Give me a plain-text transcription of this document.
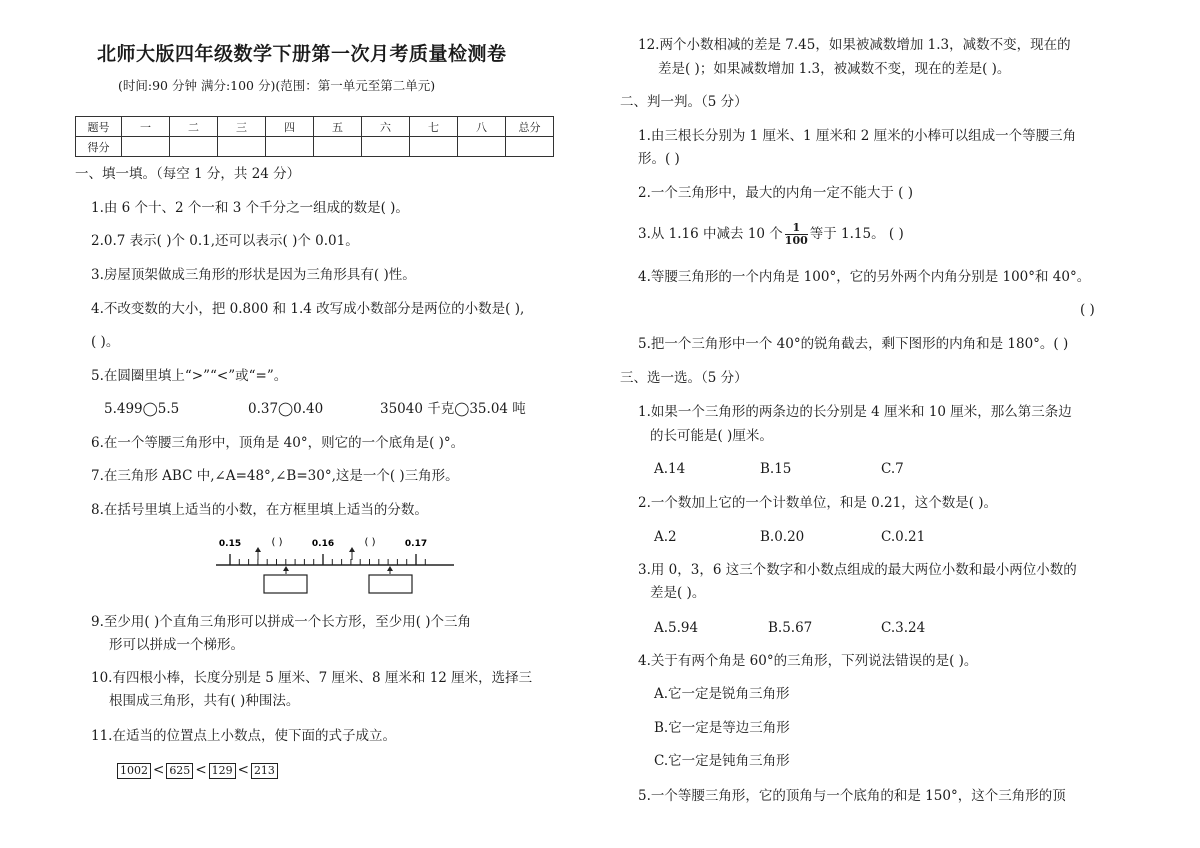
北师大版四年级数学下册第一次月考质量检测卷
(时间:90 分钟 满分:100 分)(范围：第一单元至第二单元)
题号	一	二	三	四	五	六	七	八	总分
得分									
一、填一填。（每空 1 分，共 24 分）
1.由 6 个十、2 个一和 3 个千分之一组成的数是( )。
2.0.7 表示( )个 0.1,还可以表示( )个 0.01。
3.房屋顶架做成三角形的形状是因为三角形具有( )性。
4.不改变数的大小，把 0.800 和 1.4 改写成小数部分是两位的小数是( ),
( )。
5.在圆圈里填上“>”“<”或“=”。
5.499◯5.5	0.37◯0.40	35040 千克◯35.04 吨
6.在一个等腰三角形中，顶角是 40°，则它的一个底角是( )°。
7.在三角形 ABC 中,∠A=48°,∠B=30°,这是一个( )三角形。
8.在括号里填上适当的小数，在方框里填上适当的分数。
0.15	0.16	0.17
( )	( )
9.至少用( )个直角三角形可以拼成一个长方形，至少用( )个三角
形可以拼成一个梯形。
10.有四根小棒，长度分别是 5 厘米、7 厘米、8 厘米和 12 厘米，选择三
根围成三角形，共有( )种围法。
11.在适当的位置点上小数点，使下面的式子成立。
1002 < 625 < 129 < 213
12.两个小数相减的差是 7.45，如果被减数增加 1.3，减数不变，现在的
差是( )；如果减数增加 1.3，被减数不变，现在的差是( )。
二、判一判。（5 分）
1.由三根长分别为 1 厘米、1 厘米和 2 厘米的小棒可以组成一个等腰三角
形。( )
2.一个三角形中，最大的内角一定不能大于 ( )
3.从 1.16 中减去 10 个 $\frac{1}{100}$ 等于 1.15。 ( )
4.等腰三角形的一个内角是 100°，它的另外两个内角分别是 100°和 40°。
( )
5.把一个三角形中一个 40°的锐角截去，剩下图形的内角和是 180°。( )
三、选一选。（5 分）
1.如果一个三角形的两条边的长分别是 4 厘米和 10 厘米，那么第三条边
的长可能是( )厘米。
A.14	B.15	C.7
2.一个数加上它的一个计数单位，和是 0.21，这个数是( )。
A.2	B.0.20	C.0.21
3.用 0，3，6 这三个数字和小数点组成的最大两位小数和最小两位小数的
差是( )。
A.5.94	B.5.67	C.3.24
4.关于有两个角是 60°的三角形，下列说法错误的是( )。
A.它一定是锐角三角形
B.它一定是等边三角形
C.它一定是钝角三角形
5.一个等腰三角形，它的顶角与一个底角的和是 150°，这个三角形的顶
